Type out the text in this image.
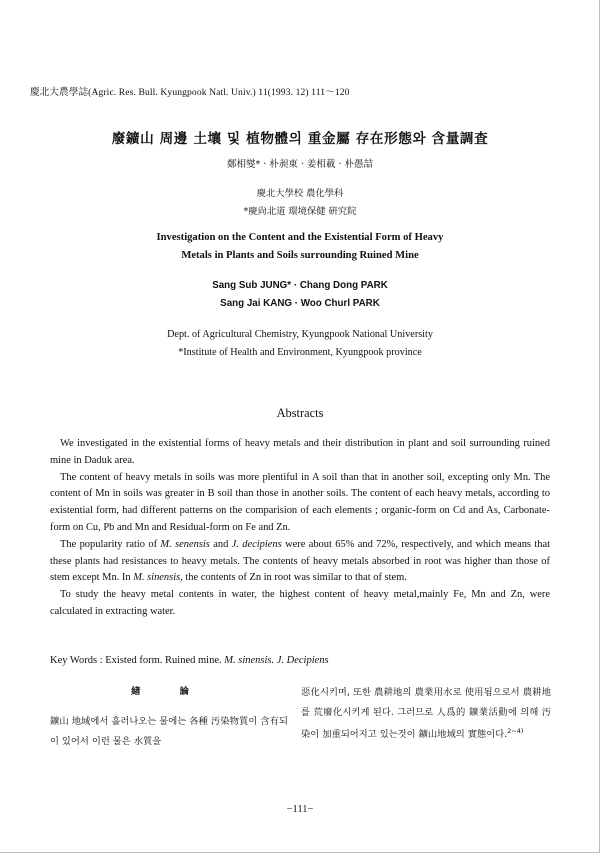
慶北大農學誌(Agric. Res. Bull. Kyungpook Natl. Univ.) 11(1993. 12) 111～120
廢鑛山 周邊 土壤 및 植物體의 重金屬 存在形態와 含量調査
鄭相燮* · 朴昶東 · 姜相載 · 朴愚喆
慶北大學校 農化學科
*慶尙北道 環境保健 硏究院
Investigation on the Content and the Existential Form of Heavy
Metals in Plants and Soils surrounding Ruined Mine
Sang Sub JUNG* · Chang Dong PARK
Sang Jai KANG · Woo Churl PARK
Dept. of Agricultural Chemistry, Kyungpook National University
*Institute of Health and Environment, Kyungpook province
Abstracts

We investigated in the existential forms of heavy metals and their distribution in plant and soil surrounding ruined mine in Daduk area.

The content of heavy metals in soils was more plentiful in A soil than that in another soil, excepting only Mn. The content of Mn in soils was greater in B soil than those in another soils. The content of each heavy metals, according to existential form, had different patterns on the comparision of each elements ; organic-form on Cd and As, Carbonate-form on Cu, Pb and Mn and Residual-form on Fe and Zn.

The popularity ratio of M. senensis and J. decipiens were about 65% and 72%, respectively, and which means that these plants had resistances to heavy metals. The contents of heavy metals absorbed in root was higher than those of stem except Mn. In M. sinensis, the contents of Zn in root was similar to that of stem.

To study the heavy metal contents in water, the highest content of heavy metal,mainly Fe, Mn and Zn, were calculated in extracting water.

Key Words : Existed form. Ruined mine. M. sinensis. J. Decipiens
緖 論

鑛山 地域에서 흘러나오는 물에는 各種 汚染物質이 含有되이 있어서 이런 물은 水質을

惡化시키며, 또한 農耕地의 農業用水로 使用됨으로서 農耕地를 荒廢化시키게 된다. 그러므로 人爲的 鑛業活動에 의해 汚染이 加重되어지고 있는것이 鑛山地域의 實態이다.$^{2\sim 4)}$

−111−
